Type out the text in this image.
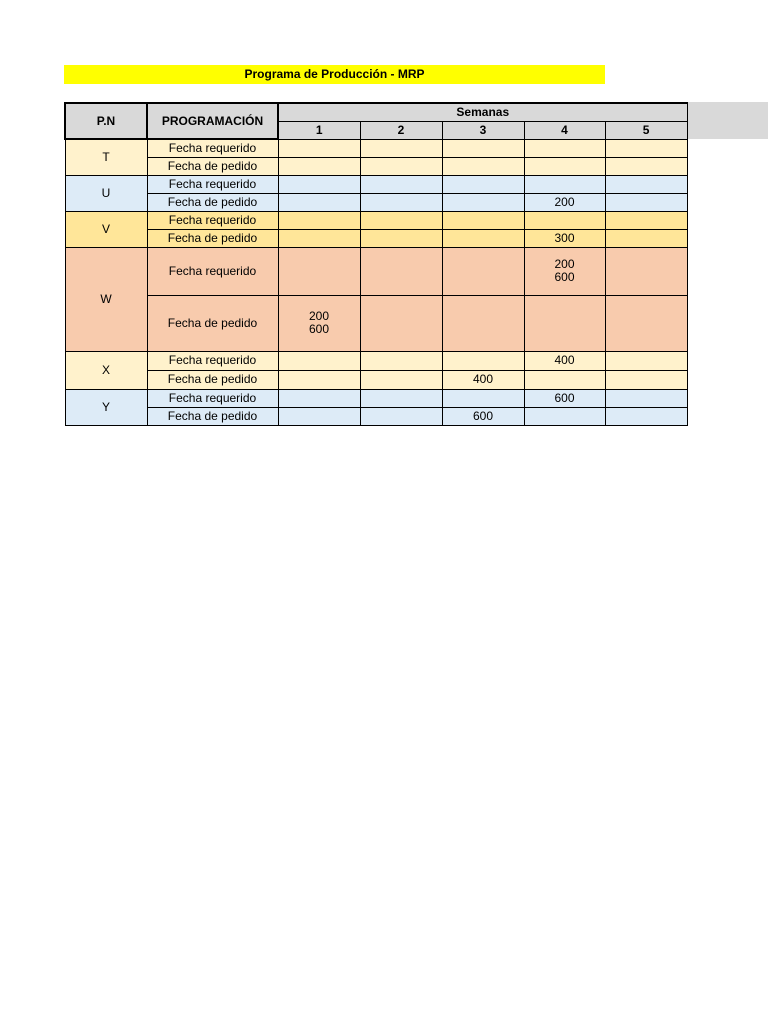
Programa de Producción - MRP
P.N	PROGRAMACIÓN	Semanas				
		1	2	3	4	5
T	Fecha requerido					
	Fecha de pedido					
U	Fecha requerido					
	Fecha de pedido				200	
V	Fecha requerido					
	Fecha de pedido				300	
W	Fecha requerido				200
600	

	Fecha de pedido	200
600				

X	Fecha requerido				400	
	Fecha de pedido			400		
Y	Fecha requerido				600	
	Fecha de pedido			600		
